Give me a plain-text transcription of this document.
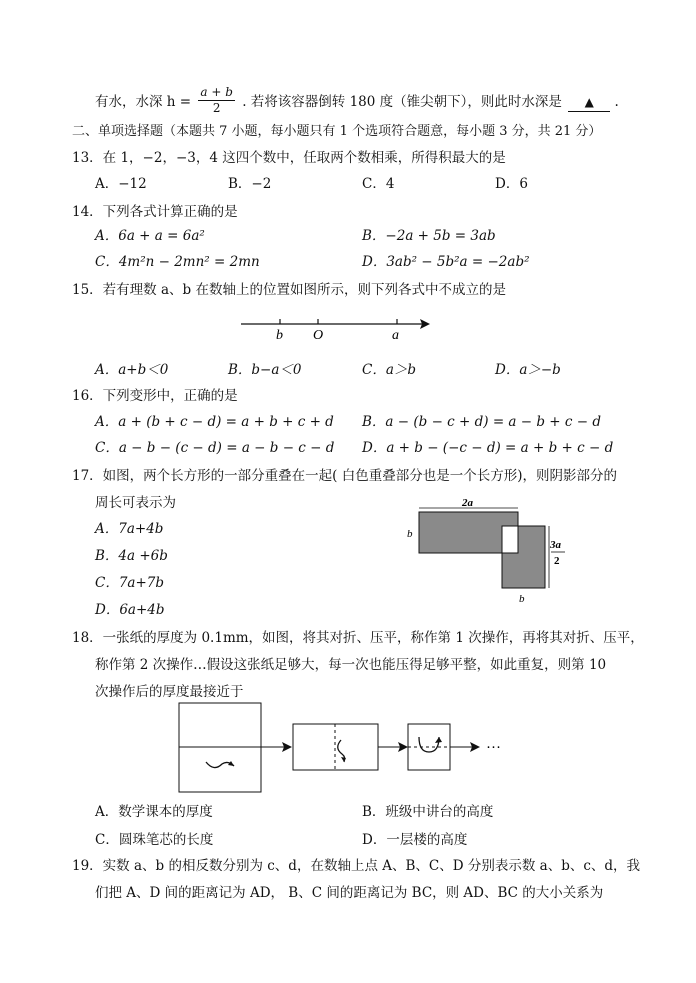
有水，水深 $h = \frac{a + b}{2}$ . 若将该容器倒转 180 度（锥尖朝下），则此时水深是 ▲ .
二、单项选择题（本题共 7 小题，每小题只有 1 个选项符合题意，每小题 3 分，共 21 分）
13．在 1，−2，−3，4 这四个数中，任取两个数相乘，所得积最大的是
A．−12	B．−2	C．4	D．6
14．下列各式计算正确的是
A．6a + a = 6a²	B．−2a + 5b = 3ab
C．4m²n − 2mn² = 2mn	D．3ab² − 5b²a = −2ab²
15．若有理数 a、b 在数轴上的位置如图所示，则下列各式中不成立的是
b O	a
A．a+b＜0	B．b−a＜0	C．a＞b	D．a＞−b
16．下列变形中，正确的是
A．a + (b + c − d) = a + b + c + d B．a − (b − c + d) = a − b + c − d
C．a − b − (c − d) = a − b − c − d D．a + b − (−c − d) = a + b + c − d
17．如图，两个长方形的一部分重叠在一起( 白色重叠部分也是一个长方形)，则阴影部分的
周长可表示为
A．7a+4b
B．4a +6b
C．7a+7b
D．6a+4b
2a
b
3a
2
b
18．一张纸的厚度为 0.1mm，如图，将其对折、压平，称作第 1 次操作，再将其对折、压平，
称作第 2 次操作…假设这张纸足够大，每一次也能压得足够平整，如此重复，则第 10
次操作后的厚度最接近于
···
A．数学课本的厚度	B．班级中讲台的高度
C．圆珠笔芯的长度	D．一层楼的高度
19．实数 a、b 的相反数分别为 c、d，在数轴上点 A、B、C、D 分别表示数 a、b、c、d，我
们把 A、D 间的距离记为 AD， B、C 间的距离记为 BC，则 AD、BC 的大小关系为
